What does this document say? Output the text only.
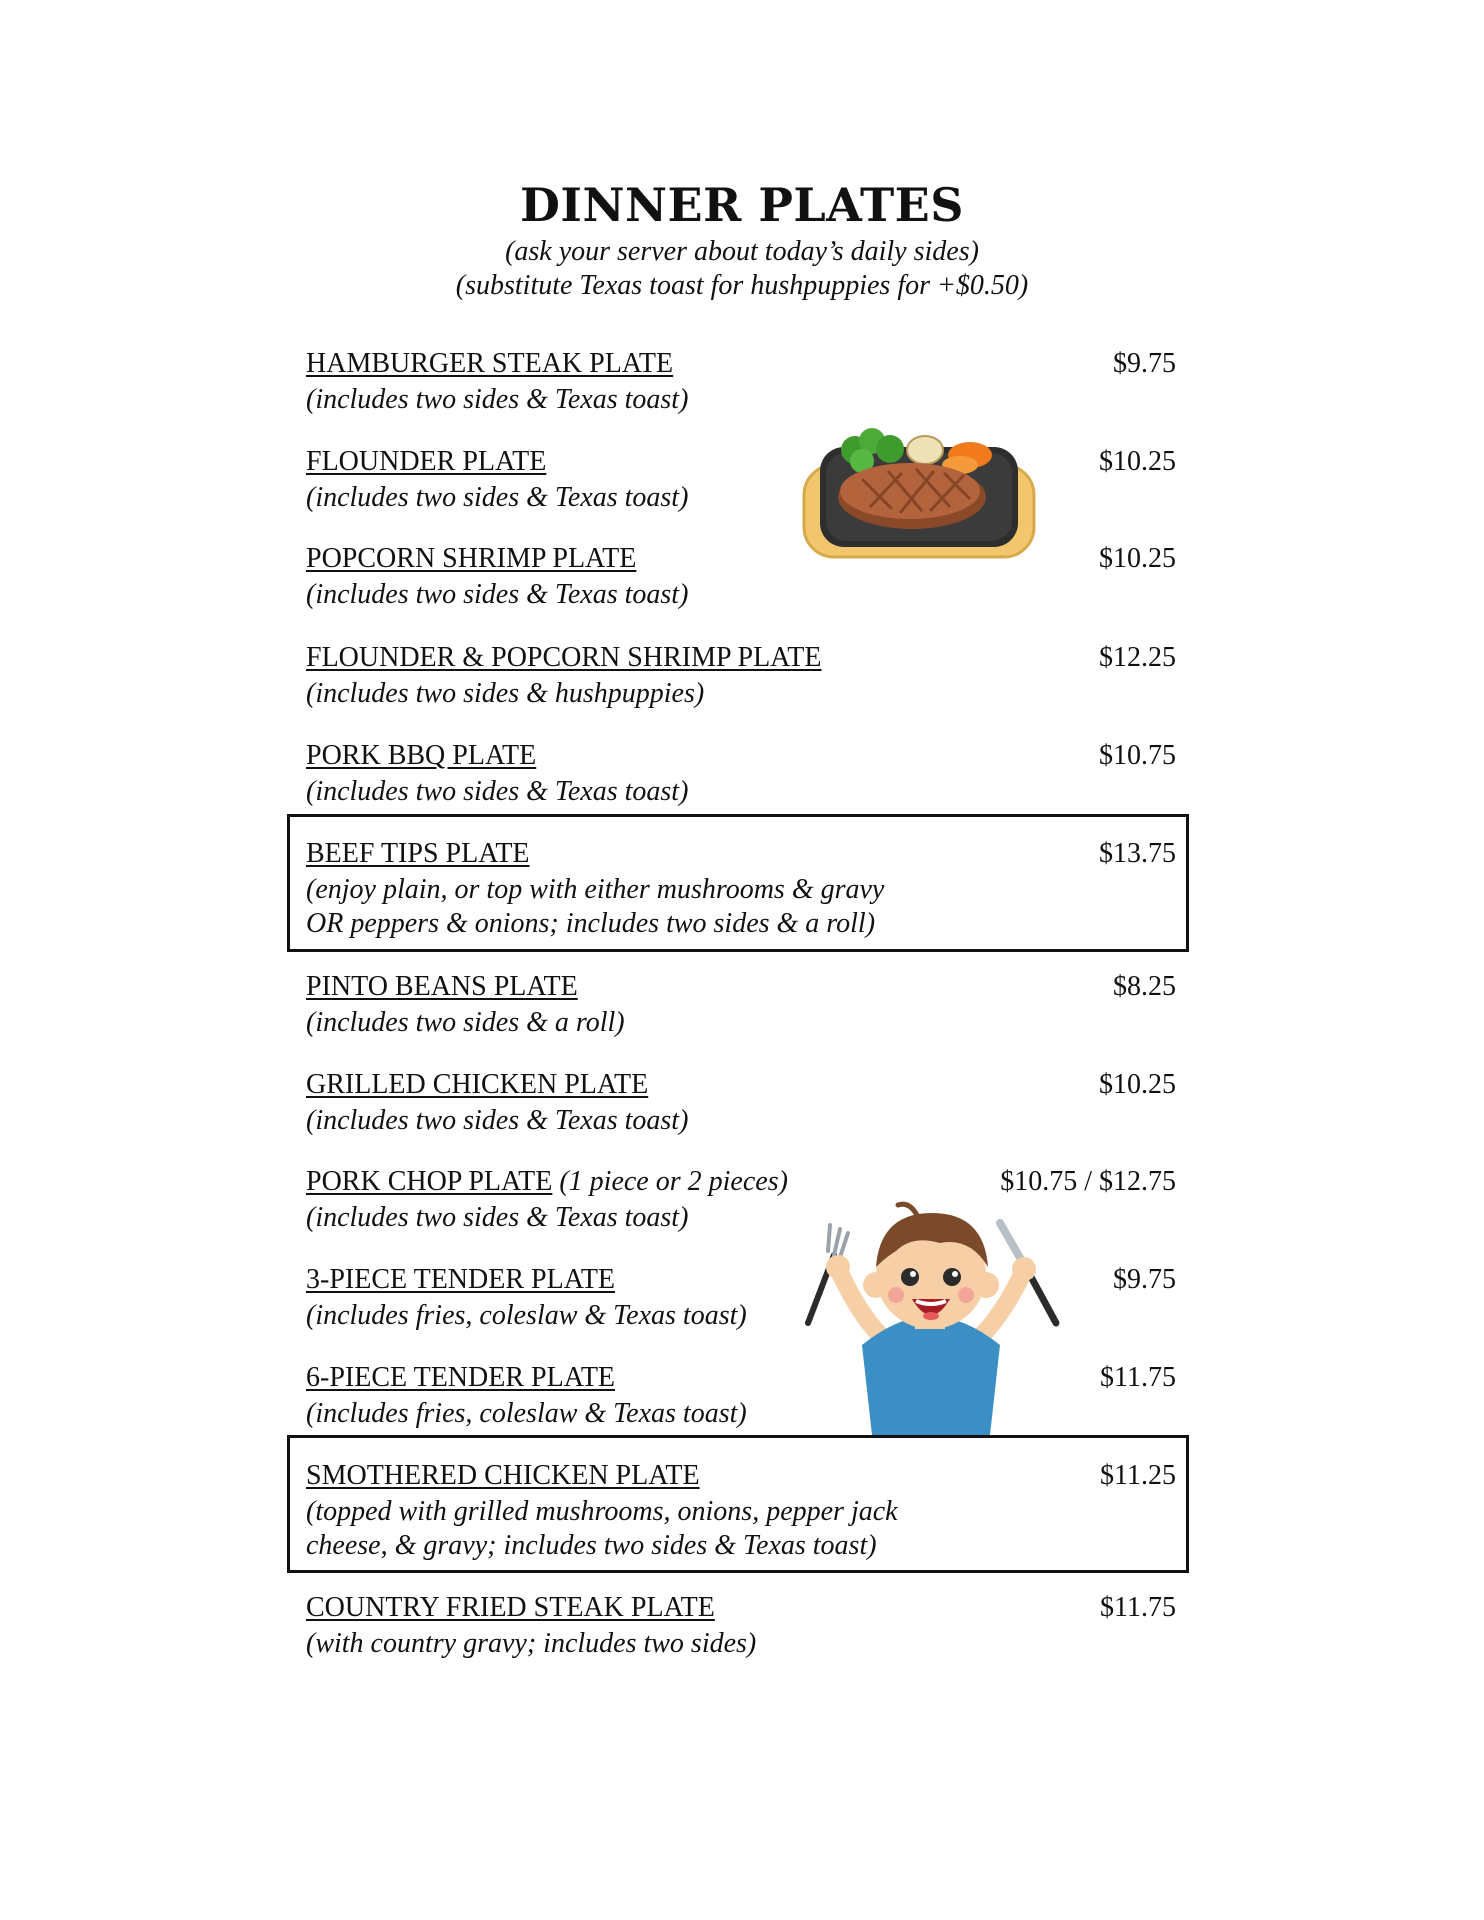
DINNER PLATES
(ask your server about today’s daily sides)
(substitute Texas toast for hushpuppies for +$0.50)
HAMBURGER STEAK PLATE	$9.75
(includes two sides & Texas toast)
FLOUNDER PLATE	$10.25
(includes two sides & Texas toast)
POPCORN SHRIMP PLATE	$10.25
(includes two sides & Texas toast)
FLOUNDER & POPCORN SHRIMP PLATE	$12.25
(includes two sides & hushpuppies)
PORK BBQ PLATE	$10.75
(includes two sides & Texas toast)
BEEF TIPS PLATE	$13.75
(enjoy plain, or top with either mushrooms & gravy
OR peppers & onions; includes two sides & a roll)
PINTO BEANS PLATE	$8.25
(includes two sides & a roll)
GRILLED CHICKEN PLATE	$10.25
(includes two sides & Texas toast)
PORK CHOP PLATE (1 piece or 2 pieces)	$10.75 / $12.75
(includes two sides & Texas toast)
3-PIECE TENDER PLATE	$9.75
(includes fries, coleslaw & Texas toast)
6-PIECE TENDER PLATE	$11.75
(includes fries, coleslaw & Texas toast)
SMOTHERED CHICKEN PLATE	$11.25
(topped with grilled mushrooms, onions, pepper jack
cheese, & gravy; includes two sides & Texas toast)
COUNTRY FRIED STEAK PLATE	$11.75
(with country gravy; includes two sides)
